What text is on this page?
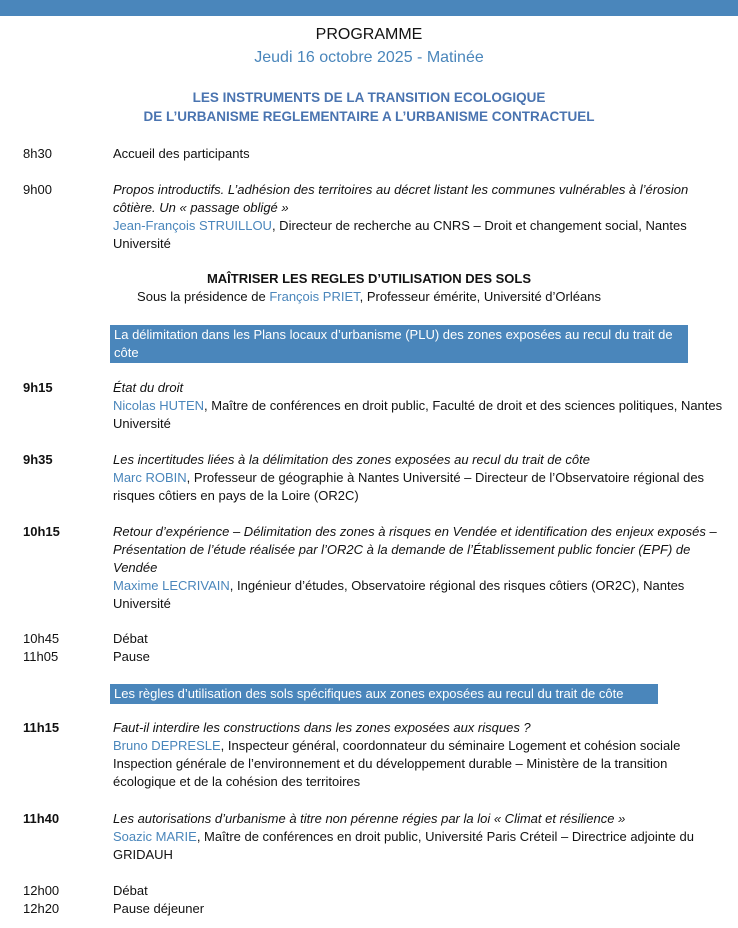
PROGRAMME
Jeudi 16 octobre 2025 - Matinée
LES INSTRUMENTS DE LA TRANSITION ECOLOGIQUE
DE L’URBANISME REGLEMENTAIRE A L’URBANISME CONTRACTUEL
8h30	Accueil des participants
9h00	Propos introductifs. L’adhésion des territoires au décret listant les communes vulnérables à l’érosion côtière. Un « passage obligé »
Jean-François STRUILLOU, Directeur de recherche au CNRS – Droit et changement social, Nantes Université
MAÎTRISER LES REGLES D’UTILISATION DES SOLS
Sous la présidence de François PRIET, Professeur émérite, Université d’Orléans
La délimitation dans les Plans locaux d’urbanisme (PLU) des zones exposées au recul du trait de côte
9h15	État du droit
Nicolas HUTEN, Maître de conférences en droit public, Faculté de droit et des sciences politiques, Nantes Université
9h35	Les incertitudes liées à la délimitation des zones exposées au recul du trait de côte
Marc ROBIN, Professeur de géographie à Nantes Université – Directeur de l’Observatoire régional des risques côtiers en pays de la Loire (OR2C)
10h15	Retour d’expérience – Délimitation des zones à risques en Vendée et identification des enjeux exposés – Présentation de l’étude réalisée par l’OR2C à la demande de l’Établissement public foncier (EPF) de Vendée
Maxime LECRIVAIN, Ingénieur d’études, Observatoire régional des risques côtiers (OR2C), Nantes Université
10h45	Débat
11h05	Pause
Les règles d’utilisation des sols spécifiques aux zones exposées au recul du trait de côte
11h15	Faut-il interdire les constructions dans les zones exposées aux risques ?
Bruno DEPRESLE, Inspecteur général, coordonnateur du séminaire Logement et cohésion sociale Inspection générale de l’environnement et du développement durable – Ministère de la transition écologique et de la cohésion des territoires
11h40	Les autorisations d’urbanisme à titre non pérenne régies par la loi « Climat et résilience »
Soazic MARIE, Maître de conférences en droit public, Université Paris Créteil – Directrice adjointe du GRIDAUH
12h00	Débat
12h20	Pause déjeuner
